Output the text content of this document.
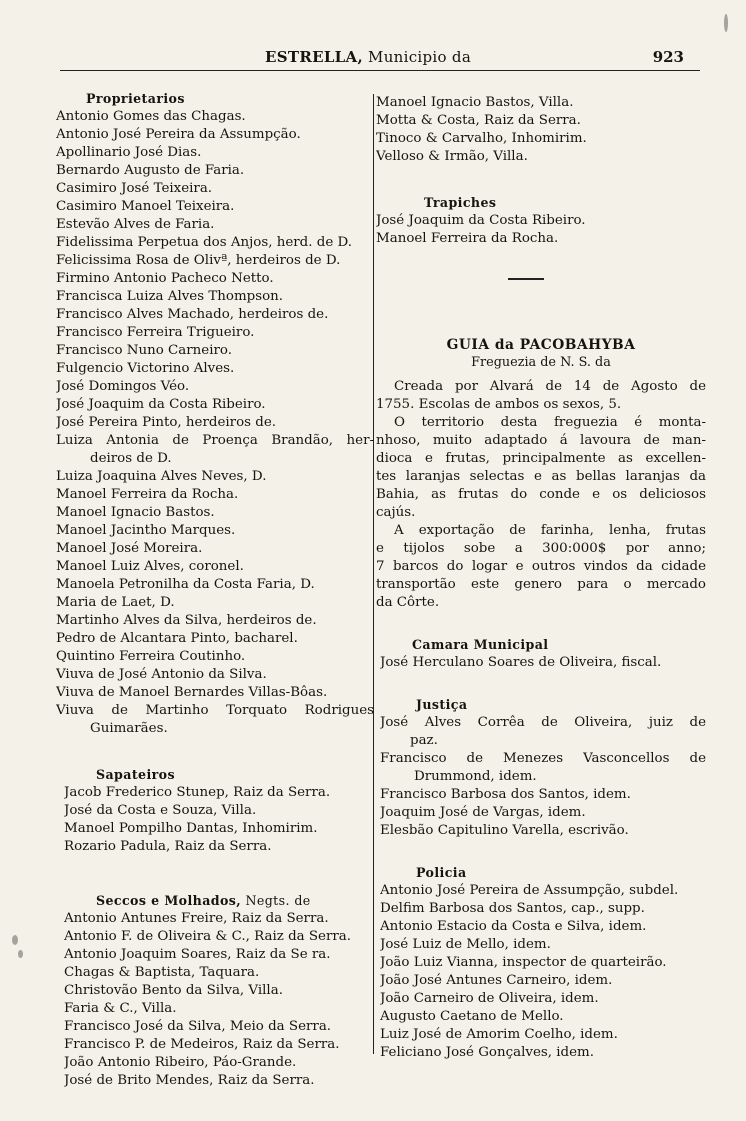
ESTRELLA, Municipio da	923
Proprietarios
Antonio Gomes das Chagas.
Antonio José Pereira da Assumpção.
Apollinario José Dias.
Bernardo Augusto de Faria.
Casimiro José Teixeira.
Casimiro Manoel Teixeira.
Estevão Alves de Faria.
Fidelissima Perpetua dos Anjos, herd. de D.
Felicissima Rosa de Olivª, herdeiros de D.
Firmino Antonio Pacheco Netto.
Francisca Luiza Alves Thompson.
Francisco Alves Machado, herdeiros de.
Francisco Ferreira Trigueiro.
Francisco Nuno Carneiro.
Fulgencio Victorino Alves.
José Domingos Véo.
José Joaquim da Costa Ribeiro.
José Pereira Pinto, herdeiros de.
Luiza Antonia de Proença Brandão, her-
deiros de D.
Luiza Joaquina Alves Neves, D.
Manoel Ferreira da Rocha.
Manoel Ignacio Bastos.
Manoel Jacintho Marques.
Manoel José Moreira.
Manoel Luiz Alves, coronel.
Manoela Petronilha da Costa Faria, D.
Maria de Laet, D.
Martinho Alves da Silva, herdeiros de.
Pedro de Alcantara Pinto, bacharel.
Quintino Ferreira Coutinho.
Viuva de José Antonio da Silva.
Viuva de Manoel Bernardes Villas-Bôas.
Viuva de Martinho Torquato Rodrigues
Guimarães.
Sapateiros
Jacob Frederico Stunep, Raiz da Serra.
José da Costa e Souza, Villa.
Manoel Pompilho Dantas, Inhomirim.
Rozario Padula, Raiz da Serra.
Seccos e Molhados, Negts. de
Antonio Antunes Freire, Raiz da Serra.
Antonio F. de Oliveira & C., Raiz da Serra.
Antonio Joaquim Soares, Raiz da Se ra.
Chagas & Baptista, Taquara.
Christovão Bento da Silva, Villa.
Faria & C., Villa.
Francisco José da Silva, Meio da Serra.
Francisco P. de Medeiros, Raiz da Serra.
João Antonio Ribeiro, Páo-Grande.
José de Brito Mendes, Raiz da Serra.
Manoel Ignacio Bastos, Villa.
Motta & Costa, Raiz da Serra.
Tinoco & Carvalho, Inhomirim.
Velloso & Irmão, Villa.
Trapiches
José Joaquim da Costa Ribeiro.
Manoel Ferreira da Rocha.
GUIA da PACOBAHYBA
Freguezia de N. S. da
Creada por Alvará de 14 de Agosto de
1755. Escolas de ambos os sexos, 5.
O territorio desta freguezia é monta-
nhoso, muito adaptado á lavoura de man-
dioca e frutas, principalmente as excellen-
tes laranjas selectas e as bellas laranjas da
Bahia, as frutas do conde e os deliciosos
cajús.
A exportação de farinha, lenha, frutas
e tijolos sobe a 300:000$ por anno;
7 barcos do logar e outros vindos da cidade
transportão este genero para o mercado
da Côrte.
Camara Municipal
José Herculano Soares de Oliveira, fiscal.
Justiça
José Alves Corrêa de Oliveira, juiz de
paz.
Francisco de Menezes Vasconcellos de
Drummond, idem.
Francisco Barbosa dos Santos, idem.
Joaquim José de Vargas, idem.
Elesbão Capitulino Varella, escrivão.
Policia
Antonio José Pereira de Assumpção, subdel.
Delfim Barbosa dos Santos, cap., supp.
Antonio Estacio da Costa e Silva, idem.
José Luiz de Mello, idem.
João Luiz Vianna, inspector de quarteirão.
João José Antunes Carneiro, idem.
João Carneiro de Oliveira, idem.
Augusto Caetano de Mello.
Luiz José de Amorim Coelho, idem.
Feliciano José Gonçalves, idem.
